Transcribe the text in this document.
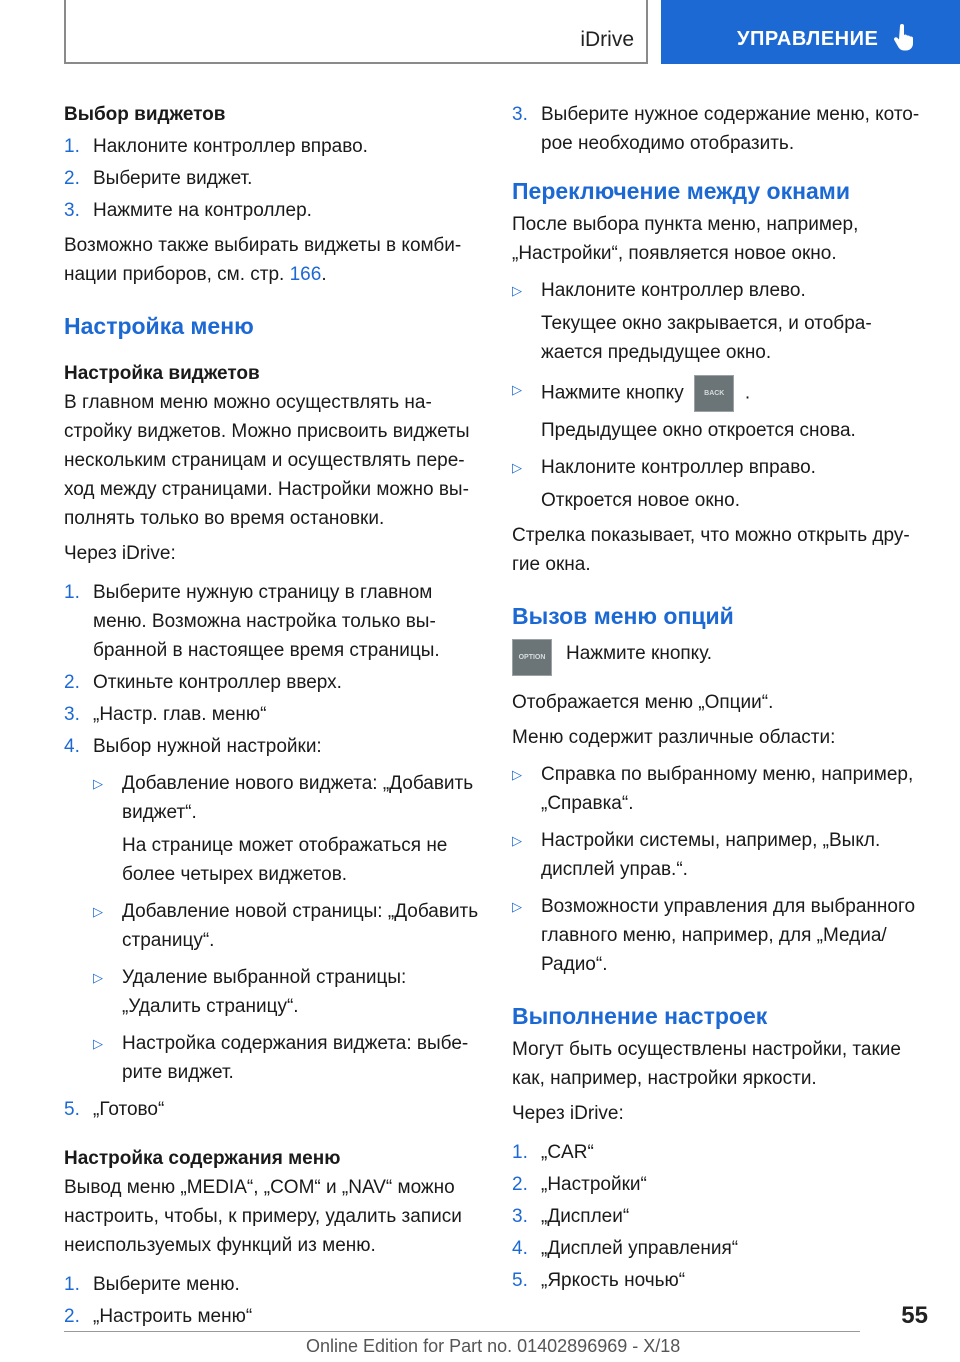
iDrive	УПРАВЛЕНИЕ

Выбор виджетов

1. Наклоните контроллер вправо.
2. Выберите виджет.
3. Нажмите на контроллер.

Возможно также выбирать виджеты в комби-нации приборов, см. стр. 166.

Настройка меню

Настройка виджетов

В главном меню можно осуществлять на-стройку виджетов. Можно присвоить виджеты нескольким страницам и осуществлять пере-ход между страницами. Настройки можно вы-полнять только во время остановки.

Через iDrive:

1. Выберите нужную страницу в главном меню. Возможна настройка только вы-бранной в настоящее время страницы.
2. Откиньте контроллер вверх.
3. „Настр. глав. меню“
4. Выбор нужной настройки:
▷	Добавление нового виджета: „Добавить виджет“.

На странице может отображаться не более четырех виджетов.

▷	Добавление новой страницы: „Добавить страницу“.
▷	Удаление выбранной страницы: „Удалить страницу“.
▷	Настройка содержания виджета: выбе-рите виджет.
5. „Готово“

Настройка содержания меню

Вывод меню „MEDIA“, „COM“ и „NAV“ можно настроить, чтобы, к примеру, удалить записи неиспользуемых функций из меню.

1. Выберите меню.
2. „Настроить меню“
3. Выберите нужное содержание меню, кото-рое необходимо отобразить.

Переключение между окнами

После выбора пункта меню, например, „Настройки“, появляется новое окно.

▷	Наклоните контроллер влево.

Текущее окно закрывается, и отобра-жается предыдущее окно.

▷	Нажмите кнопку	BACK .

Предыдущее окно откроется снова.

▷	Наклоните контроллер вправо.

Откроется новое окно.

Стрелка показывает, что можно открыть дру-гие окна.

Вызов меню опций

OPTION	Нажмите кнопку.

Отображается меню „Опции“.

Меню содержит различные области:

▷	Справка по выбранному меню, например, „Справка“.
▷	Настройки системы, например, „Выкл. дисплей управ.“.
▷	Возможности управления для выбранного главного меню, например, для „Медиа/Радио“.

Выполнение настроек

Могут быть осуществлены настройки, такие как, например, настройки яркости.

Через iDrive:

1. „CAR“
2. „Настройки“
3. „Дисплеи“
4. „Дисплей управления“
5. „Яркость ночью“
55
Online Edition for Part no. 01402896969 - X/18
